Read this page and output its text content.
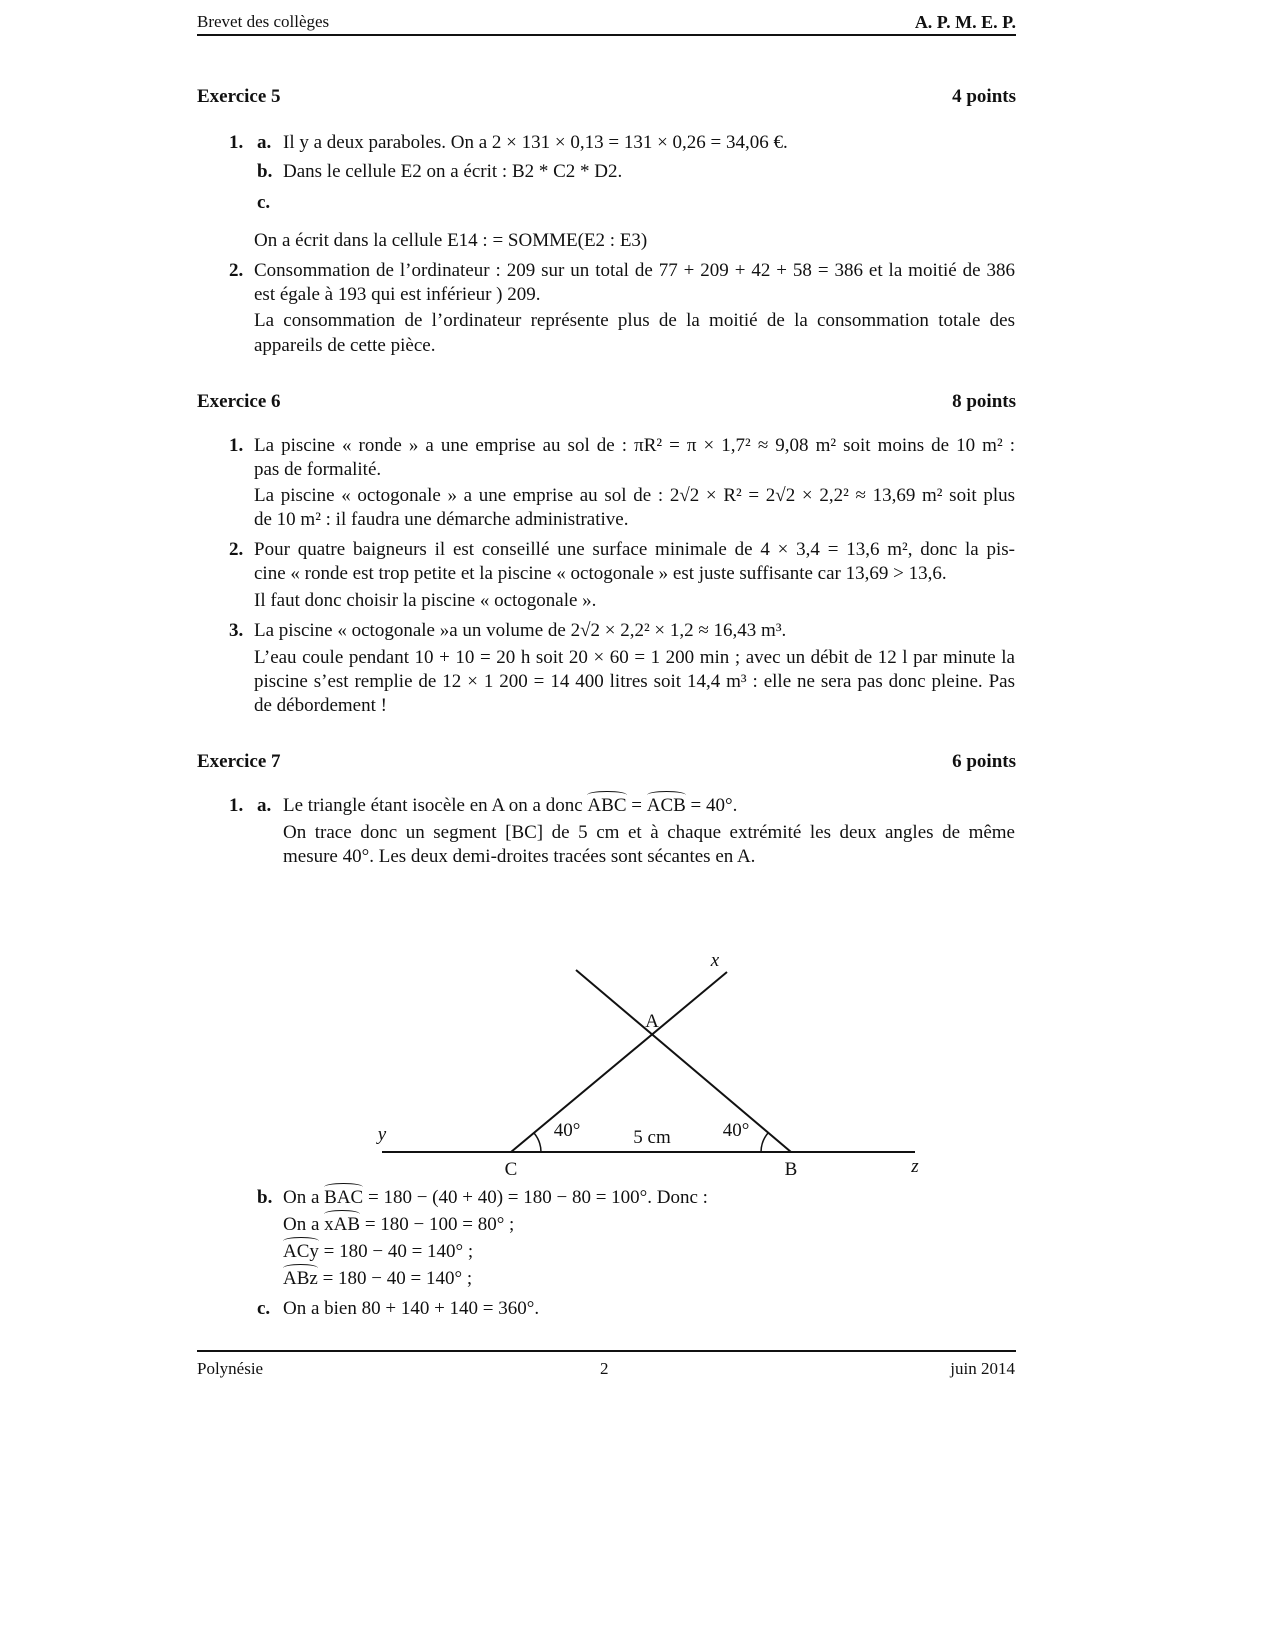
Brevet des collèges	A. P. M. E. P.
Exercice 5	4 points
1. a. Il y a deux paraboles. On a 2 × 131 × 0,13 = 131 × 0,26 = 34,06 €.
b. Dans le cellule E2 on a écrit : B2 * C2 * D2.
c.
On a écrit dans la cellule E14 : = SOMME(E2 : E3)
2. Consommation de l’ordinateur : 209 sur un total de 77 + 209 + 42 + 58 = 386 et la moitié de 386
est égale à 193 qui est inférieur ) 209.
La consommation de l’ordinateur représente plus de la moitié de la consommation totale des
appareils de cette pièce.
Exercice 6	8 points
1. La piscine « ronde » a une emprise au sol de : πR² = π × 1,7² ≈ 9,08 m² soit moins de 10 m² :
pas de formalité.
La piscine « octogonale » a une emprise au sol de : 2√2 × R² = 2√2 × 2,2² ≈ 13,69 m² soit plus
de 10 m² : il faudra une démarche administrative.
2. Pour quatre baigneurs il est conseillé une surface minimale de 4 × 3,4 = 13,6 m², donc la pis-
cine « ronde est trop petite et la piscine « octogonale » est juste suffisante car 13,69 > 13,6.
Il faut donc choisir la piscine « octogonale ».
3. La piscine « octogonale »a un volume de 2√2 × 2,2² × 1,2 ≈ 16,43 m³.
L’eau coule pendant 10 + 10 = 20 h soit 20 × 60 = 1 200 min ; avec un débit de 12 l par minute la
piscine s’est remplie de 12 × 1 200 = 14 400 litres soit 14,4 m³ : elle ne sera pas donc pleine. Pas
de débordement !
Exercice 7	6 points
1. a. Le triangle étant isocèle en A on a donc ABC = ACB = 40°.
On trace donc un segment [BC] de 5 cm et à chaque extrémité les deux angles de même
mesure 40°. Les deux demi-droites tracées sont sécantes en A.
x
A
y	40°	5 cm	40°
C	B	z
b. On a BAC = 180 − (40 + 40) = 180 − 80 = 100°. Donc :
On a xAB = 180 − 100 = 80° ;
ACy = 180 − 40 = 140° ;
ABz = 180 − 40 = 140° ;
c. On a bien 80 + 140 + 140 = 360°.
Polynésie	2	juin 2014
